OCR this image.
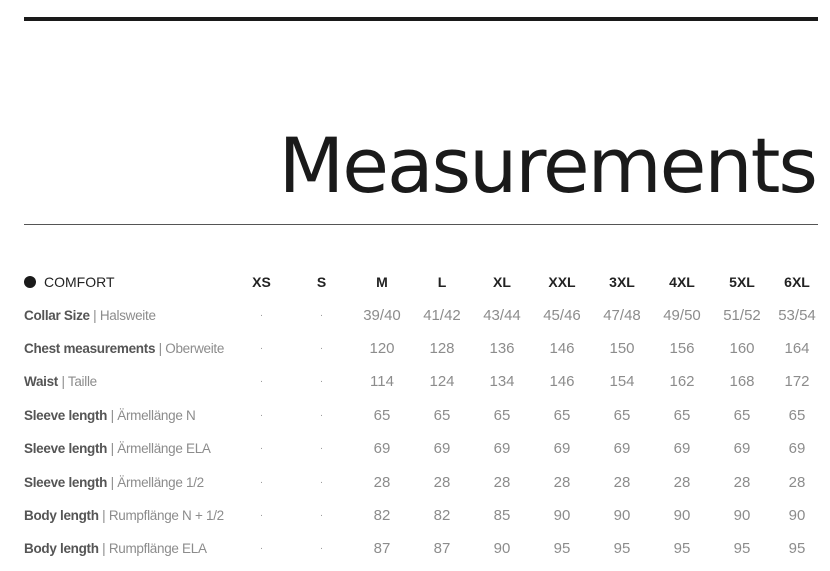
Measurements
COMFORT	XS	S	M	L	XL	XXL	3XL	4XL	5XL	6XL
Collar Size | Halsweite	·	·	39/40	41/42	43/44	45/46	47/48	49/50	51/52	53/54
Chest measurements | Oberweite	·	·	120	128	136	146	150	156	160	164
Waist | Taille	·	·	114	124	134	146	154	162	168	172
Sleeve length | Ärmellänge N	·	·	65	65	65	65	65	65	65	65
Sleeve length | Ärmellänge ELA	·	·	69	69	69	69	69	69	69	69
Sleeve length | Ärmellänge 1/2	·	·	28	28	28	28	28	28	28	28
Body length | Rumpflänge N + 1/2	·	·	82	82	85	90	90	90	90	90
Body length | Rumpflänge ELA	·	·	87	87	90	95	95	95	95	95
